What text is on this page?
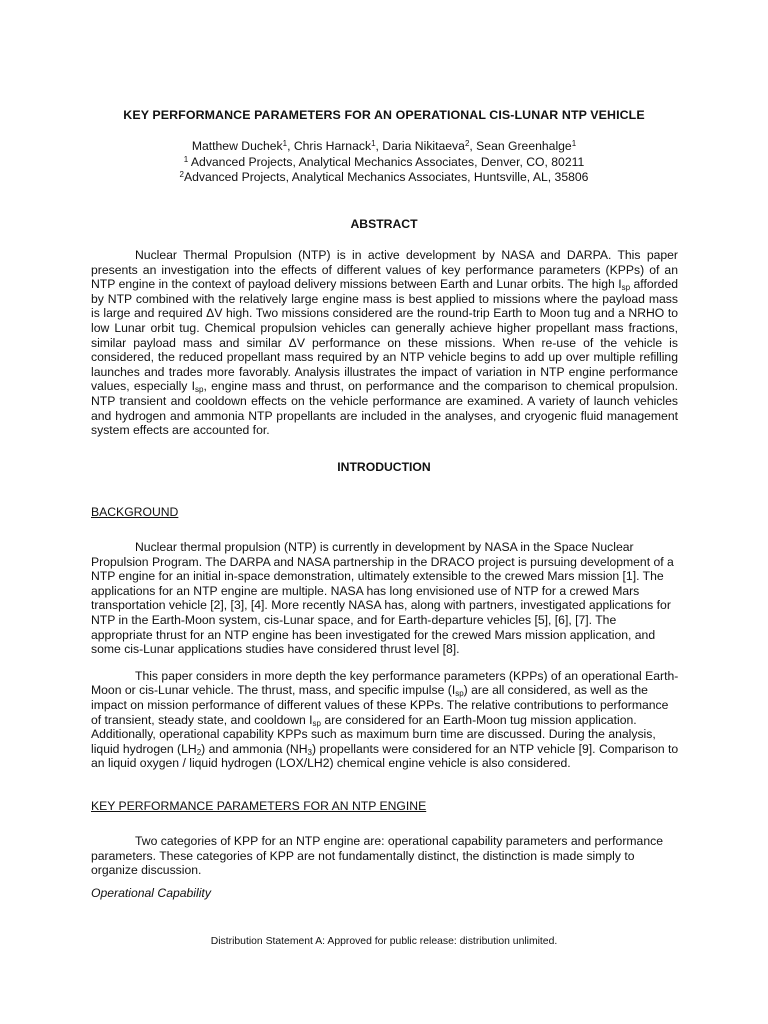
KEY PERFORMANCE PARAMETERS FOR AN OPERATIONAL CIS-LUNAR NTP VEHICLE
Matthew Duchek$^1$, Chris Harnack$^1$, Daria Nikitaeva$^2$, Sean Greenhalge$^1$
$^1$ Advanced Projects, Analytical Mechanics Associates, Denver, CO, 80211
$^2$Advanced Projects, Analytical Mechanics Associates, Huntsville, AL, 35806
ABSTRACT

Nuclear Thermal Propulsion (NTP) is in active development by NASA and DARPA. This paper presents an investigation into the effects of different values of key performance parameters (KPPs) of an NTP engine in the context of payload delivery missions between Earth and Lunar orbits. The high $I_{sp}$ afforded by NTP combined with the relatively large engine mass is best applied to missions where the payload mass is large and required ΔV high. Two missions considered are the round-trip Earth to Moon tug and a NRHO to low Lunar orbit tug. Chemical propulsion vehicles can generally achieve higher propellant mass fractions, similar payload mass and similar ΔV performance on these missions. When re-use of the vehicle is considered, the reduced propellant mass required by an NTP vehicle begins to add up over multiple refilling launches and trades more favorably. Analysis illustrates the impact of variation in NTP engine performance values, especially $I_{sp}$, engine mass and thrust, on performance and the comparison to chemical propulsion. NTP transient and cooldown effects on the vehicle performance are examined. A variety of launch vehicles and hydrogen and ammonia NTP propellants are included in the analyses, and cryogenic fluid management system effects are accounted for.

INTRODUCTION
BACKGROUND

Nuclear thermal propulsion (NTP) is currently in development by NASA in the Space Nuclear Propulsion Program. The DARPA and NASA partnership in the DRACO project is pursuing development of a NTP engine for an initial in-space demonstration, ultimately extensible to the crewed Mars mission [1]. The applications for an NTP engine are multiple. NASA has long envisioned use of NTP for a crewed Mars transportation vehicle [2], [3], [4]. More recently NASA has, along with partners, investigated applications for NTP in the Earth-Moon system, cis-Lunar space, and for Earth-departure vehicles [5], [6], [7]. The appropriate thrust for an NTP engine has been investigated for the crewed Mars mission application, and some cis-Lunar applications studies have considered thrust level [8].

This paper considers in more depth the key performance parameters (KPPs) of an operational Earth-Moon or cis-Lunar vehicle. The thrust, mass, and specific impulse $(I_{sp})$ are all considered, as well as the impact on mission performance of different values of these KPPs. The relative contributions to performance of transient, steady state, and cooldown $I_{sp}$ are considered for an Earth-Moon tug mission application. Additionally, operational capability KPPs such as maximum burn time are discussed. During the analysis, liquid hydrogen $(LH_2)$ and ammonia $(NH_3)$ propellants were considered for an NTP vehicle [9]. Comparison to an liquid oxygen / liquid hydrogen (LOX/LH2) chemical engine vehicle is also considered.

KEY PERFORMANCE PARAMETERS FOR AN NTP ENGINE

Two categories of KPP for an NTP engine are: operational capability parameters and performance parameters. These categories of KPP are not fundamentally distinct, the distinction is made simply to organize discussion.

Operational Capability
Distribution Statement A: Approved for public release: distribution unlimited.
